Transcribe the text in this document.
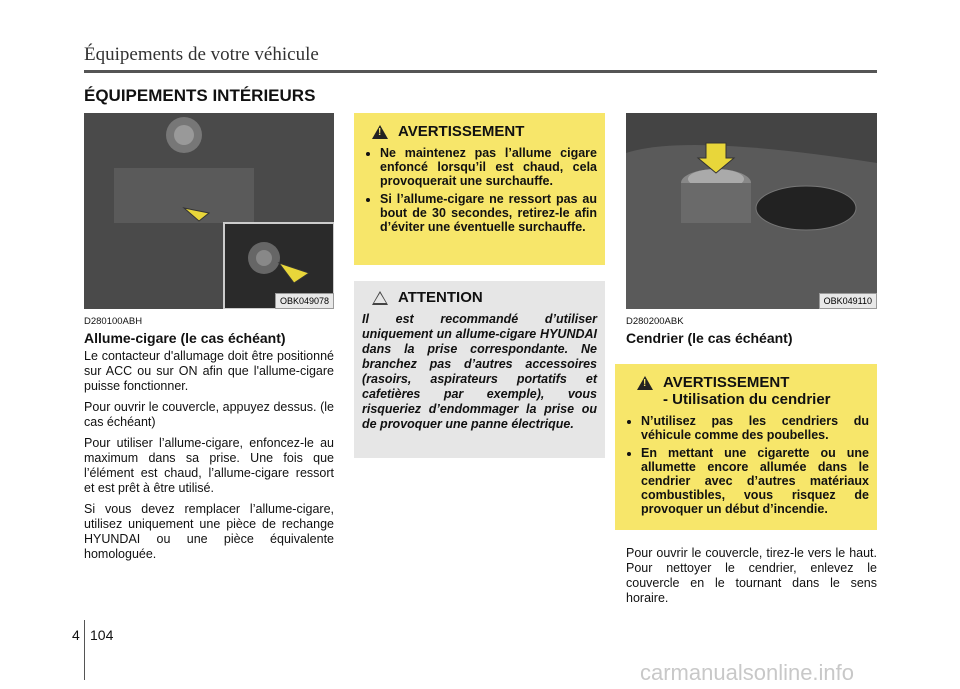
Équipements de votre véhicule
ÉQUIPEMENTS INTÉRIEURS
OBK049078
D280100ABH
Allume-cigare (le cas échéant)

Le contacteur d'allumage doit être positionné sur ACC ou sur ON afin que l'allume-cigare puisse fonctionner.

Pour ouvrir le couvercle, appuyez dessus. (le cas échéant)

Pour utiliser l’allume-cigare, enfoncez-le au maximum dans sa prise. Une fois que l’élément est chaud, l’allume-cigare ressort et est prêt à être utilisé.

Si vous devez remplacer l’allume-cigare, utilisez uniquement une pièce de rechange HYUNDAI ou une pièce équivalente homologuée.

!
AVERTISSEMENT
• Ne maintenez pas l’allume cigare enfoncé lorsqu’il est chaud, cela provoquerait une surchauffe.
• Si l’allume-cigare ne ressort pas au bout de 30 secondes, retirez-le afin d’éviter une éventuelle surchauffe.
ATTENTION
Il est recommandé d’utiliser uniquement un allume-cigare HYUNDAI dans la prise correspondante. Ne branchez pas d’autres accessoires (rasoirs, aspirateurs portatifs et cafetières par exemple), vous risqueriez d’endommager la prise ou de provoquer une panne électrique.
OBK049110
D280200ABK
Cendrier (le cas échéant)
!
AVERTISSEMENT
- Utilisation du cendrier
• N’utilisez pas les cendriers du véhicule comme des poubelles.
• En mettant une cigarette ou une allumette encore allumée dans le cendrier avec d’autres matériaux combustibles, vous risquez de provoquer un début d’incendie.
Pour ouvrir le couvercle, tirez-le vers le haut. Pour nettoyer le cendrier, enlevez le couvercle en le tournant dans le sens horaire.
4 104
carmanualsonline.info
